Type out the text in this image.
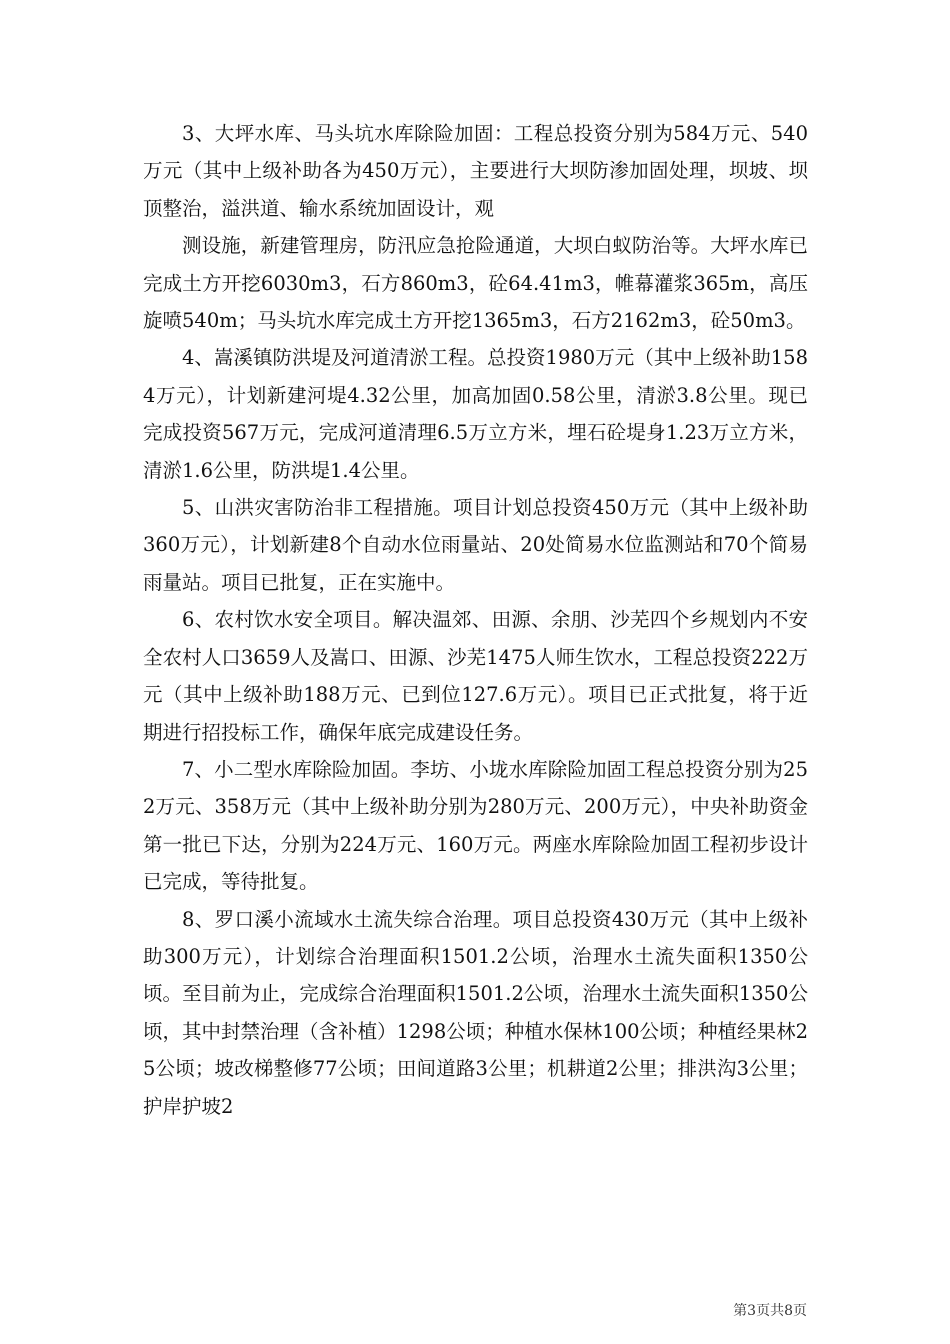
3、大坪水库、马头坑水库除险加固：工程总投资分别为584万元、540万元（其中上级补助各为450万元），主要进行大坝防渗加固处理，坝坡、坝顶整治，溢洪道、输水系统加固设计，观

测设施，新建管理房，防汛应急抢险通道，大坝白蚁防治等。大坪水库已完成土方开挖6030m3，石方860m3，砼64.41m3，帷幕灌浆365m，高压旋喷540m；马头坑水库完成土方开挖1365m3，石方2162m3，砼50m3。

4、嵩溪镇防洪堤及河道清淤工程。总投资1980万元（其中上级补助1584万元），计划新建河堤4.32公里，加高加固0.58公里，清淤3.8公里。现已完成投资567万元，完成河道清理6.5万立方米，埋石砼堤身1.23万立方米，清淤1.6公里，防洪堤1.4公里。

5、山洪灾害防治非工程措施。项目计划总投资450万元（其中上级补助360万元），计划新建8个自动水位雨量站、20处简易水位监测站和70个简易雨量站。项目已批复，正在实施中。

6、农村饮水安全项目。解决温郊、田源、余朋、沙芜四个乡规划内不安全农村人口3659人及嵩口、田源、沙芜1475人师生饮水，工程总投资222万元（其中上级补助188万元、已到位127.6万元）。项目已正式批复，将于近期进行招投标工作，确保年底完成建设任务。

7、小二型水库除险加固。李坊、小垅水库除险加固工程总投资分别为252万元、358万元（其中上级补助分别为280万元、200万元），中央补助资金第一批已下达，分别为224万元、160万元。两座水库除险加固工程初步设计已完成，等待批复。

8、罗口溪小流域水土流失综合治理。项目总投资430万元（其中上级补助300万元），计划综合治理面积1501.2公顷，治理水土流失面积1350公顷。至目前为止，完成综合治理面积1501.2公顷，治理水土流失面积1350公顷，其中封禁治理（含补植）1298公顷；种植水保林100公顷；种植经果林25公顷；坡改梯整修77公顷；田间道路3公里；机耕道2公里；排洪沟3公里；护岸护坡2

第3页共8页
